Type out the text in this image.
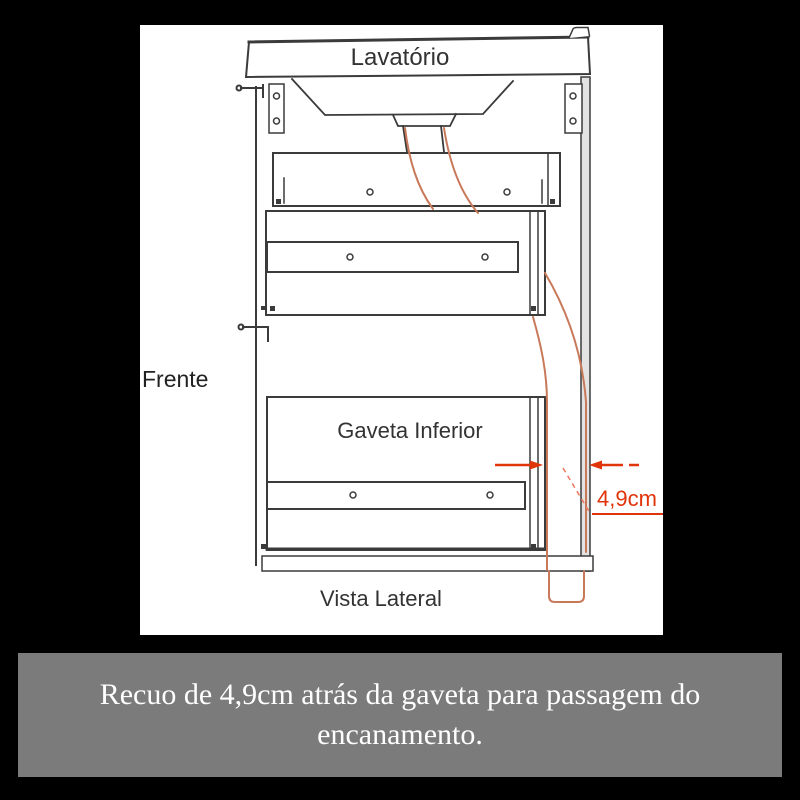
Lavatório
Frente
Gaveta Inferior
Vista Lateral
4,9cm
Recuo de 4,9cm atrás da gaveta para passagem do encanamento.
